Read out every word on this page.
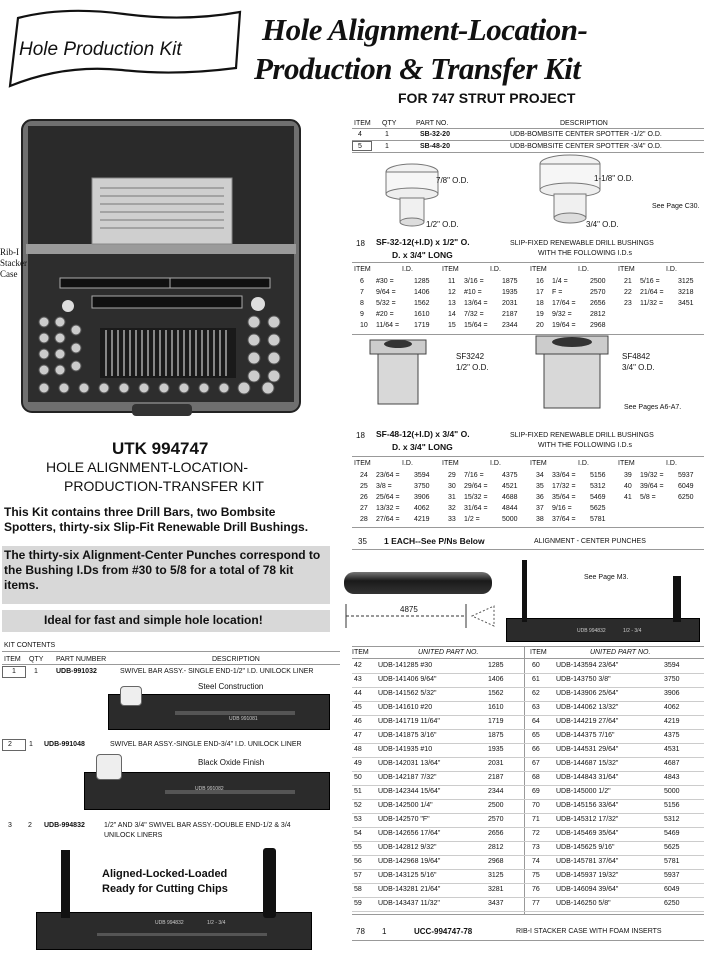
Hole Production Kit
Hole Alignment-Location-
Production & Transfer Kit
FOR 747 STRUT PROJECT
Rib-I
Stacker
Case
UTK 994747
HOLE ALIGNMENT-LOCATION-
PRODUCTION-TRANSFER KIT
This Kit contains three Drill Bars, two Bombsite
Spotters, thirty-six Slip-Fit Renewable Drill Bushings.
The thirty-six Alignment-Center Punches correspond to
the Bushing I.Ds from #30 to 5/8 for a total of 78 kit
items.
Ideal for fast and simple hole location!
KIT CONTENTS
ITEM QTY PART NUMBER	DESCRIPTION
1	1	UDB-991032	SWIVEL BAR ASSY.- SINGLE END-1/2" I.D. UNILOCK LINER
Steel Construction
UDB 991081
2 1 UDB-991048	SWIVEL BAR ASSY.-SINGLE END-3/4" I.D. UNILOCK LINER
Black Oxide Finish
UDB 991082
3 2 UDB-994832	1/2" AND 3/4" SWIVEL BAR ASSY.-DOUBLE END-1/2 & 3/4
UNILOCK LINERS
Aligned-Locked-Loaded
Ready for Cutting Chips
UDB 994832	1/2 - 3/4
ITEM QTY	PART NO.	DESCRIPTION
4	1	SB-32-20	UDB-BOMBSITE CENTER SPOTTER -1/2" O.D.
5	1	SB-48-20	UDB-BOMBSITE CENTER SPOTTER -3/4" O.D.
7/8" O.D.
1/2" O.D.
1-1/8" O.D.
3/4" O.D.
See Page C30.
18 SF-32-12(+I.D) x 1/2" O.
D. x 3/4" LONG
SLIP-FIXED RENEWABLE DRILL BUSHINGS
WITH THE FOLLOWING I.D.s
ITEM	I.D.
6 #30 =	1285
7 9/64 =	1406
8 5/32 =	1562
9 #20 =	1610
10 11/64 = 1719
ITEM	I.D.
11 3/16 =	1875
12 #10 =	1935
13 13/64 = 2031
14 7/32 =	2187
15 15/64 = 2344
ITEM	I.D.
16 1/4 =	2500
17 F =	2570
18 17/64 = 2656
19 9/32 =	2812
20 19/64 = 2968
ITEM	I.D.
21 5/16 =	3125
22 21/64 = 3218
23 11/32 = 3451
SF3242
1/2" O.D.
SF4842
3/4" O.D.
See Pages A6-A7.
18 SF-48-12(+I.D) x 3/4" O.
D. x 3/4" LONG
SLIP-FIXED RENEWABLE DRILL BUSHINGS
WITH THE FOLLOWING I.D.s
ITEM	I.D.
24 23/64 = 3594
25 3/8 =	3750
26 25/64 = 3906
27 13/32 = 4062
28 27/64 = 4219
ITEM	I.D.
29 7/16 =	4375
30 29/64 = 4521
31 15/32 = 4688
32 31/64 = 4844
33 1/2 =	5000
ITEM	I.D.
34 33/64 = 5156
35 17/32 = 5312
36 35/64 = 5469
37 9/16 =	5625
38 37/64 = 5781
ITEM	I.D.
39 19/32 = 5937
40 39/64 = 6049
41 5/8 =	6250
35 1 EACH--See P/Ns Below	ALIGNMENT - CENTER PUNCHES
4875
UDB 994832	1/2 - 3/4
See Page M3.
ITEM	UNITED PART NO.	ITEM	UNITED PART NO.
42 UDB-141285 #30	1285
43 UDB-141406 9/64"	1406
44 UDB-141562 5/32"	1562
45 UDB-141610 #20	1610
46 UDB-141719 11/64"	1719
47 UDB-141875 3/16"	1875
48 UDB-141935 #10	1935
49 UDB-142031 13/64"	2031
50 UDB-142187 7/32"	2187
51 UDB-142344 15/64"	2344
52 UDB-142500 1/4"	2500
53 UDB-142570 "F"	2570
54 UDB-142656 17/64"	2656
55 UDB-142812 9/32"	2812
56 UDB-142968 19/64"	2968
57 UDB-143125 5/16"	3125
58 UDB-143281 21/64"	3281
59 UDB-143437 11/32"	3437
60 UDB-143594 23/64"	3594
61 UDB-143750 3/8"	3750
62 UDB-143906 25/64"	3906
63 UDB-144062 13/32"	4062
64 UDB-144219 27/64"	4219
65 UDB-144375 7/16"	4375
66 UDB-144531 29/64"	4531
67 UDB-144687 15/32"	4687
68 UDB-144843 31/64"	4843
69 UDB-145000 1/2"	5000
70 UDB-145156 33/64"	5156
71 UDB-145312 17/32"	5312
72 UDB-145469 35/64"	5469
73 UDB-145625 9/16"	5625
74 UDB-145781 37/64"	5781
75 UDB-145937 19/32"	5937
76 UDB-146094 39/64"	6049
77 UDB-146250 5/8"	6250
78 1	UCC-994747-78	RIB-I STACKER CASE WITH FOAM INSERTS
